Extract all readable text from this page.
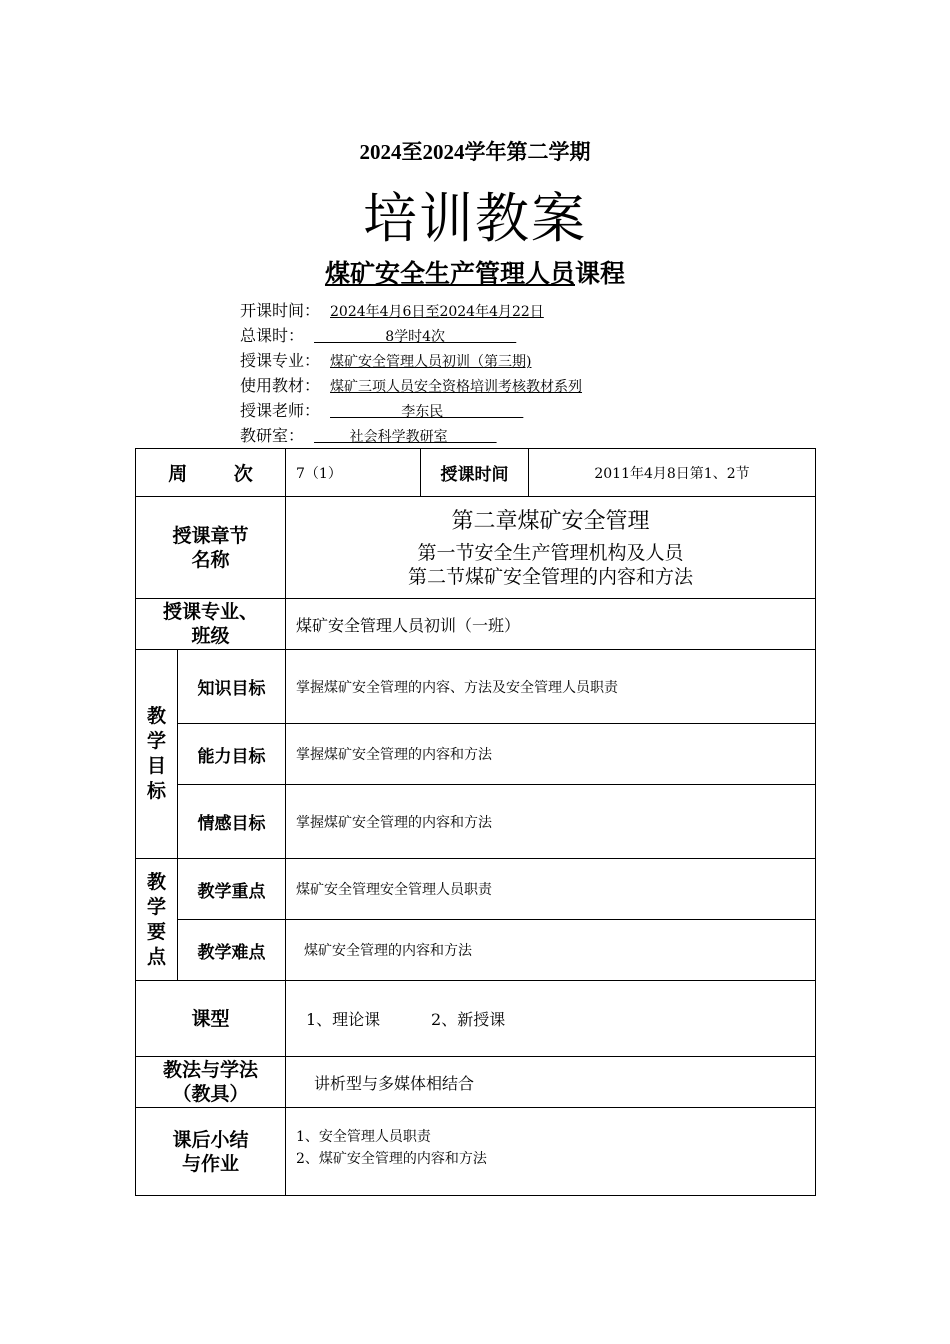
2024至2024学年第二学期
培训教案
煤矿安全生产管理人员课程
开课时间： 2024年4月6日至2024年4月22日
总课时：                8学时4次
授课专业： 煤矿安全管理人员初训（第三期)
使用教材： 煤矿三项人员安全资格培训考核教材系列
授课老师：                李东民
教研室：        社会科学教研室
周 次		7（1）	授课时间	2011年4月8日第1、2节

授课章节
名称		第二章煤矿安全管理
第一节安全生产管理机构及人员
第二节煤矿安全管理的内容和方法		

授课专业、
班级		煤矿安全管理人员初训（一班）		

教
学
目
标	知识目标	掌握煤矿安全管理的内容、方法及安全管理人员职责		
	能力目标	掌握煤矿安全管理的内容和方法		
	情感目标	掌握煤矿安全管理的内容和方法		

教
学
要
点	教学重点	煤矿安全管理安全管理人员职责		
	教学难点	煤矿安全管理的内容和方法		
课型		1、理论课          2、新授课		

教法与学法
（教具）		讲析型与多媒体相结合		

课后小结
与作业		1、安全管理人员职责
2、煤矿安全管理的内容和方法		
